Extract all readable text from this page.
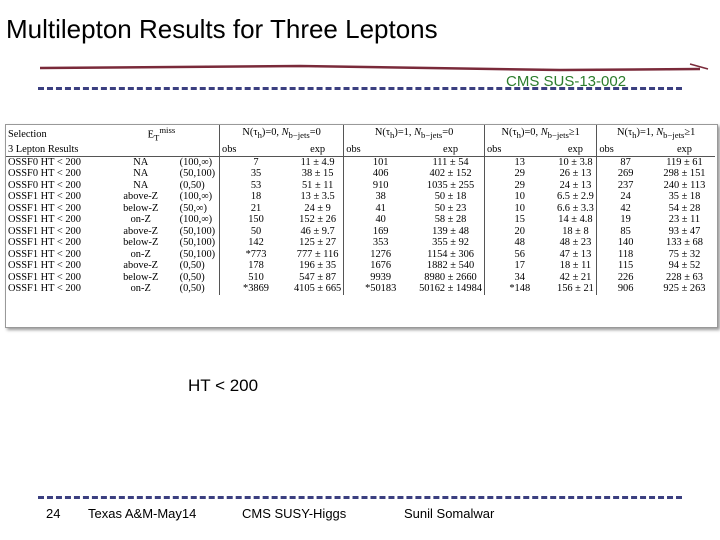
Multilepton Results for Three Leptons
CMS SUS-13-002
Selection	$E_T^{miss}$		$N(\tau_h)=0$, $N_{b-jets}=0$		$N(\tau_h)=1$, $N_{b-jets}=0$		$N(\tau_h)=0$, $N_{b-jets}\ge 1$		$N(\tau_h)=1$, $N_{b-jets}\ge 1$	
3 Lepton Results			obs	exp	obs	exp	obs	exp	obs	exp
OSSF0 HT < 200	NA	(100,∞)	7	11 ± 4.9	101	111 ± 54	13	10 ± 3.8	87	119 ± 61
OSSF0 HT < 200	NA	(50,100)	35	38 ± 15	406	402 ± 152	29	26 ± 13	269	298 ± 151
OSSF0 HT < 200	NA	(0,50)	53	51 ± 11	910	1035 ± 255	29	24 ± 13	237	240 ± 113
OSSF1 HT < 200	above-Z	(100,∞)	18	13 ± 3.5	38	50 ± 18	10	6.5 ± 2.9	24	35 ± 18
OSSF1 HT < 200	below-Z	(50,∞)	21	24 ± 9	41	50 ± 23	10	6.6 ± 3.3	42	54 ± 28
OSSF1 HT < 200	on-Z	(100,∞)	150	152 ± 26	40	58 ± 28	15	14 ± 4.8	19	23 ± 11
OSSF1 HT < 200	above-Z	(50,100)	50	46 ± 9.7	169	139 ± 48	20	18 ± 8	85	93 ± 47
OSSF1 HT < 200	below-Z	(50,100)	142	125 ± 27	353	355 ± 92	48	48 ± 23	140	133 ± 68
OSSF1 HT < 200	on-Z	(50,100)	*773	777 ± 116	1276	1154 ± 306	56	47 ± 13	118	75 ± 32
OSSF1 HT < 200	above-Z	(0,50)	178	196 ± 35	1676	1882 ± 540	17	18 ± 11	115	94 ± 52
OSSF1 HT < 200	below-Z	(0,50)	510	547 ± 87	9939	8980 ± 2660	34	42 ± 21	226	228 ± 63
OSSF1 HT < 200	on-Z	(0,50)	*3869	4105 ± 665	*50183	50162 ± 14984	*148	156 ± 21	906	925 ± 263
HT < 200
24 Texas A&M-May14	CMS SUSY-Higgs	Sunil Somalwar
